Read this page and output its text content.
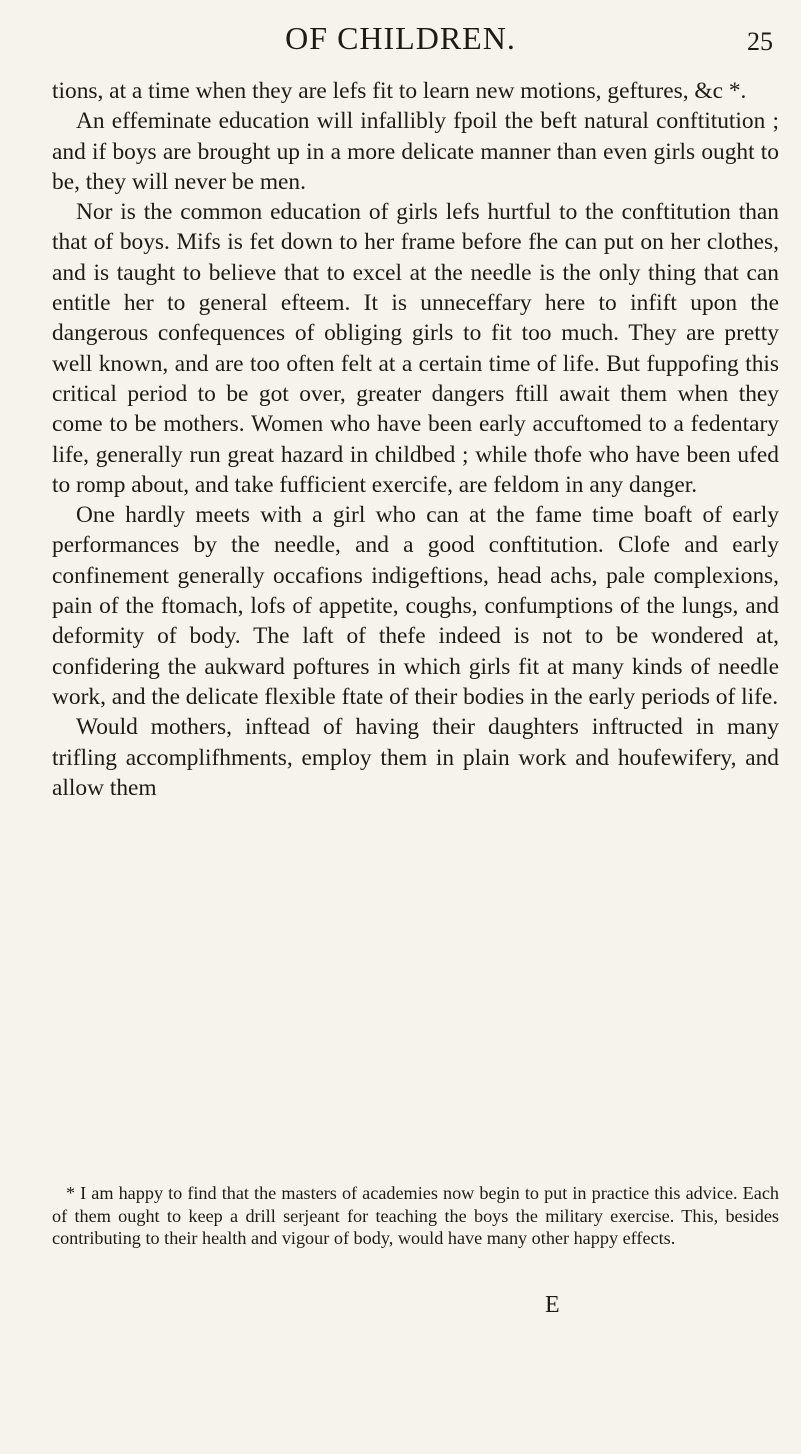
OF CHILDREN.	25

tions, at a time when they are lefs fit to learn new motions, geftures, &c *.

An effeminate education will infallibly fpoil the beft natural conftitution ; and if boys are brought up in a more delicate manner than even girls ought to be, they will never be men.

Nor is the common education of girls lefs hurtful to the conftitution than that of boys. Mifs is fet down to her frame before fhe can put on her clothes, and is taught to believe that to excel at the needle is the only thing that can entitle her to general efteem. It is unneceffary here to infift upon the dangerous confequences of obliging girls to fit too much. They are pretty well known, and are too often felt at a certain time of life. But fuppofing this critical period to be got over, greater dangers ftill await them when they come to be mothers. Women who have been early accuftomed to a fedentary life, generally run great hazard in childbed ; while thofe who have been ufed to romp about, and take fufficient exercife, are feldom in any danger.

One hardly meets with a girl who can at the fame time boaft of early performances by the needle, and a good conftitution. Clofe and early confinement generally occafions indigeftions, head achs, pale complexions, pain of the ftomach, lofs of appetite, coughs, confumptions of the lungs, and deformity of body. The laft of thefe indeed is not to be wondered at, confidering the aukward poftures in which girls fit at many kinds of needle work, and the delicate flexible ftate of their bodies in the early periods of life.

Would mothers, inftead of having their daughters inftructed in many trifling accomplifhments, employ them in plain work and houfewifery, and allow them

* I am happy to find that the masters of academies now begin to put in practice this advice. Each of them ought to keep a drill serjeant for teaching the boys the military exercise. This, besides contributing to their health and vigour of body, would have many other happy effects.

E
